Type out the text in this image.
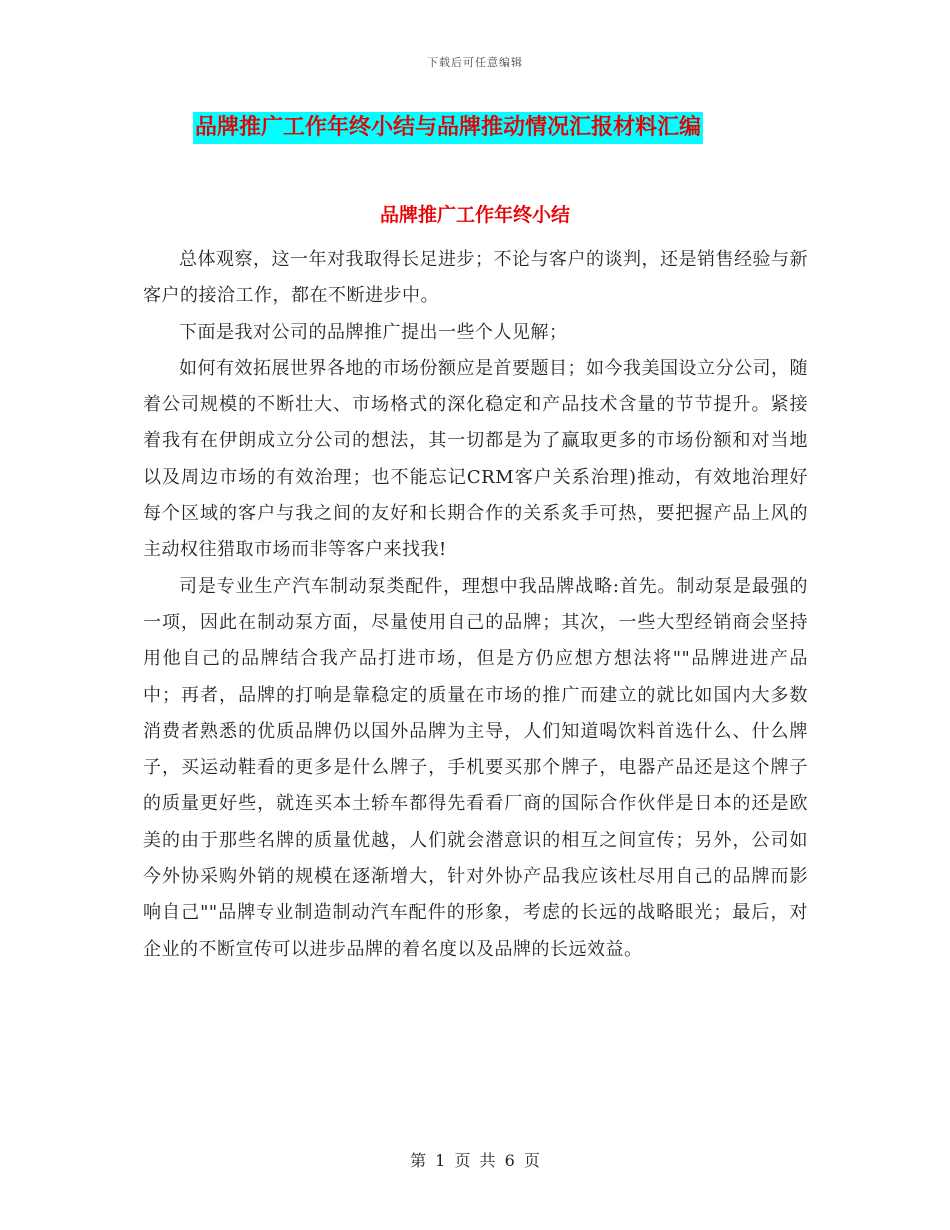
下载后可任意编辑
品牌推广工作年终小结与品牌推动情况汇报材料汇编
品牌推广工作年终小结

总体观察，这一年对我取得长足进步；不论与客户的谈判，还是销售经验与新客户的接洽工作，都在不断进步中。

下面是我对公司的品牌推广提出一些个人见解；

如何有效拓展世界各地的市场份额应是首要题目；如今我美国设立分公司，随着公司规模的不断壮大、市场格式的深化稳定和产品技术含量的节节提升。紧接着我有在伊朗成立分公司的想法，其一切都是为了赢取更多的市场份额和对当地以及周边市场的有效治理；也不能忘记CRM客户关系治理)推动，有效地治理好每个区域的客户与我之间的友好和长期合作的关系炙手可热，要把握产品上风的主动权往猎取市场而非等客户来找我!

司是专业生产汽车制动泵类配件，理想中我品牌战略:首先。制动泵是最强的一项，因此在制动泵方面，尽量使用自己的品牌；其次，一些大型经销商会坚持用他自己的品牌结合我产品打进市场，但是方仍应想方想法将""品牌进进产品中；再者，品牌的打响是靠稳定的质量在市场的推广而建立的就比如国内大多数消费者熟悉的优质品牌仍以国外品牌为主导，人们知道喝饮料首选什么、什么牌子，买运动鞋看的更多是什么牌子，手机要买那个牌子，电器产品还是这个牌子的质量更好些，就连买本土轿车都得先看看厂商的国际合作伙伴是日本的还是欧美的由于那些名牌的质量优越，人们就会潜意识的相互之间宣传；另外，公司如今外协采购外销的规模在逐渐增大，针对外协产品我应该杜尽用自己的品牌而影响自己""品牌专业制造制动汽车配件的形象，考虑的长远的战略眼光；最后，对企业的不断宣传可以进步品牌的着名度以及品牌的长远效益。

第 1 页 共 6 页
